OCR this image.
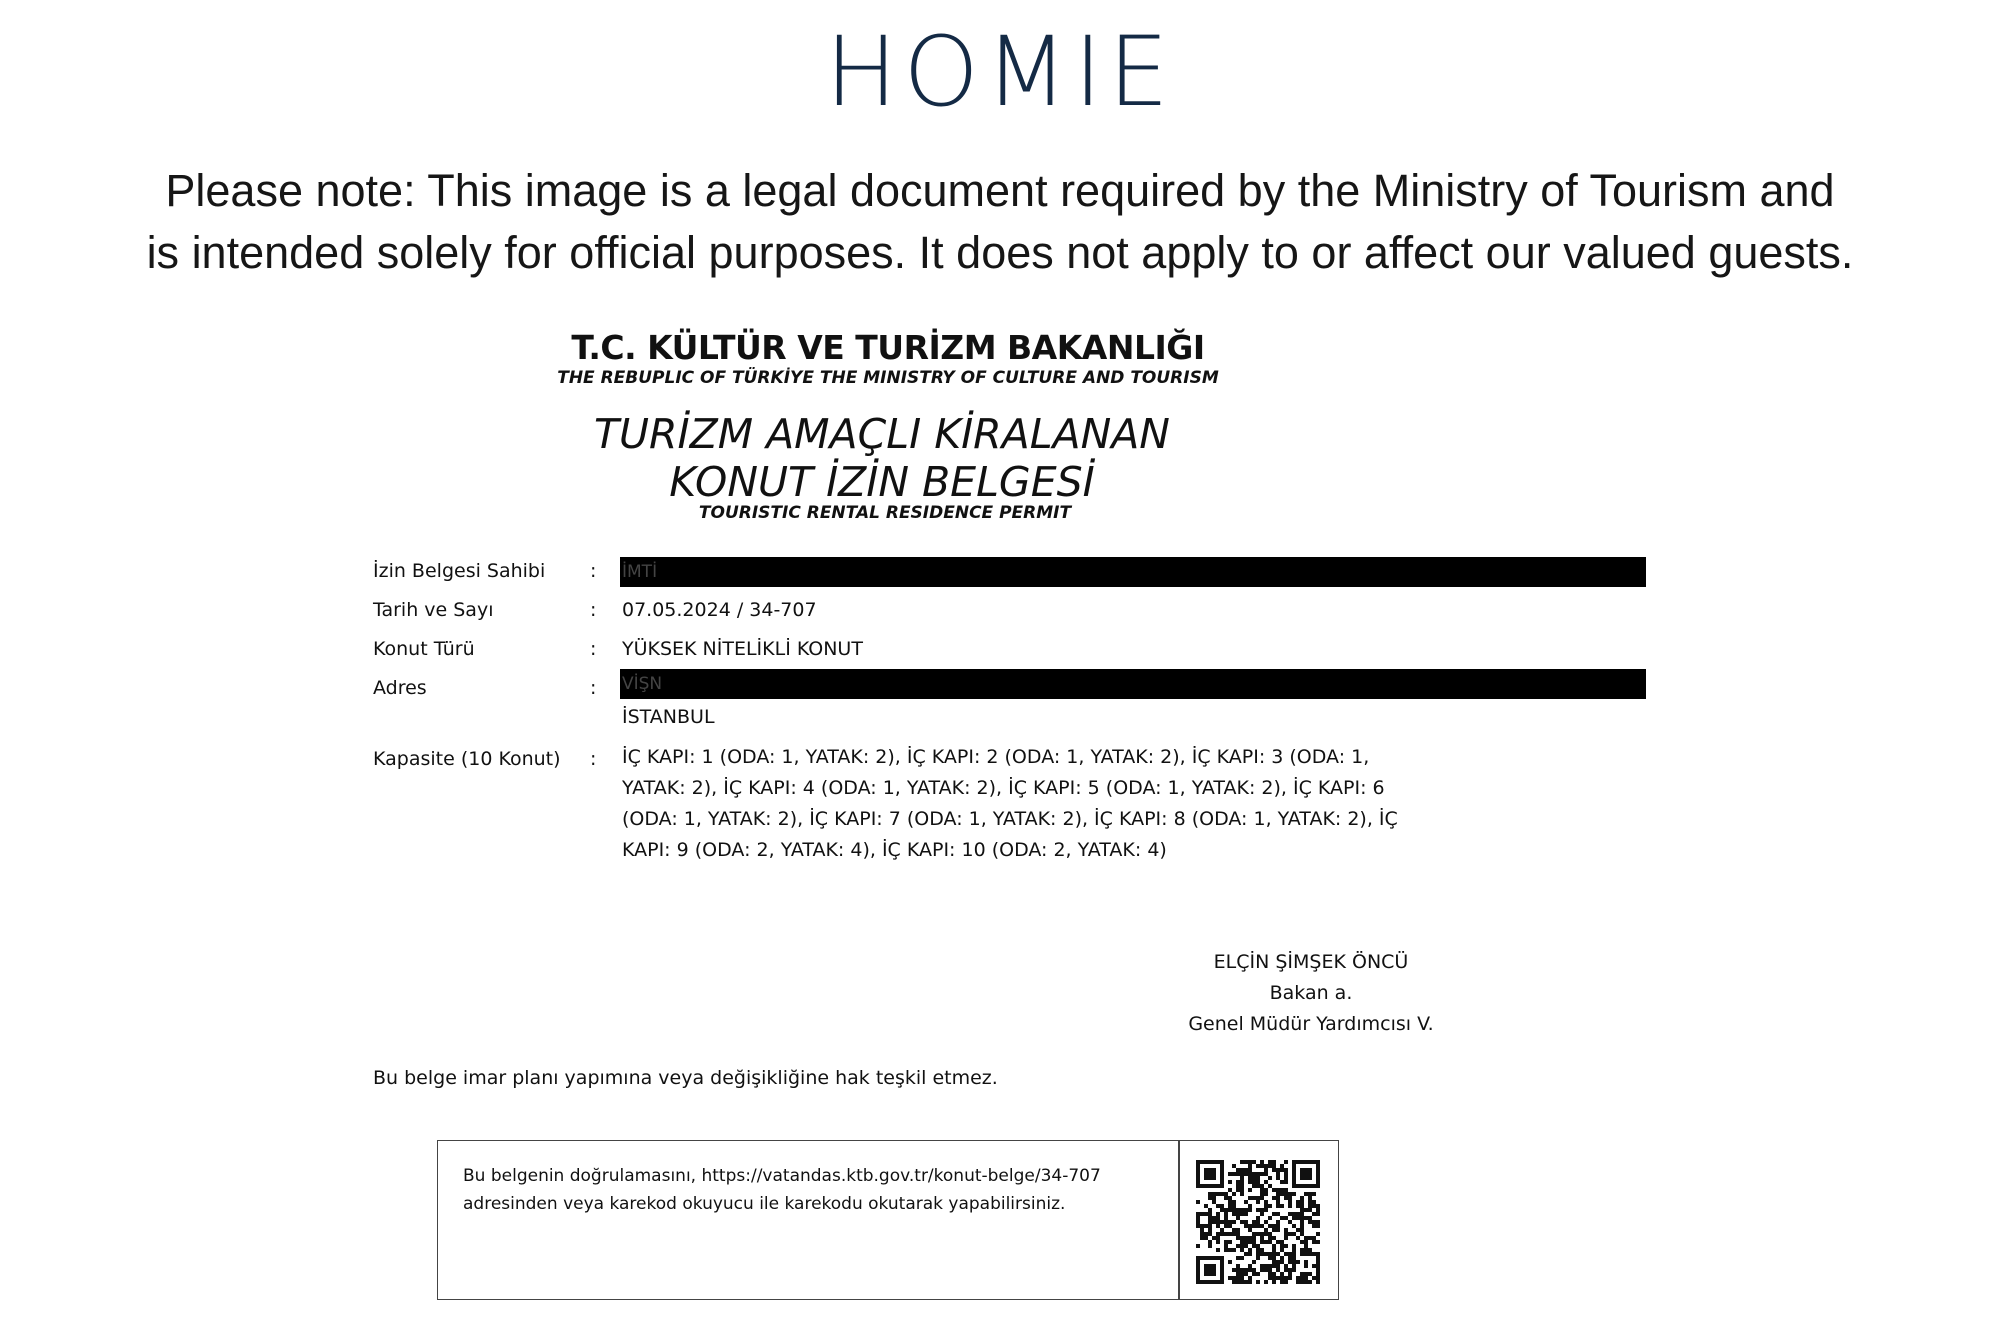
HOMIE
Please note: This image is a legal document required by the Ministry of Tourism and
is intended solely for official purposes. It does not apply to or affect our valued guests.
T.C. KÜLTÜR VE TURİZM BAKANLIĞI
THE REBUPLIC OF TÜRKİYE THE MINISTRY OF CULTURE AND TOURISM
TURİZM AMAÇLI KİRALANAN
KONUT İZİN BELGESİ
TOURISTIC RENTAL RESIDENCE PERMIT
İzin Belgesi Sahibi : İMTİ
Tarih ve Sayı	: 07.05.2024 / 34-707
Konut Türü	: YÜKSEK NİTELİKLİ KONUT
Adres	: VİŞN
İSTANBUL
Kapasite (10 Konut) : İÇ KAPI: 1 (ODA: 1, YATAK: 2), İÇ KAPI: 2 (ODA: 1, YATAK: 2), İÇ KAPI: 3 (ODA: 1,
YATAK: 2), İÇ KAPI: 4 (ODA: 1, YATAK: 2), İÇ KAPI: 5 (ODA: 1, YATAK: 2), İÇ KAPI: 6
(ODA: 1, YATAK: 2), İÇ KAPI: 7 (ODA: 1, YATAK: 2), İÇ KAPI: 8 (ODA: 1, YATAK: 2), İÇ
KAPI: 9 (ODA: 2, YATAK: 4), İÇ KAPI: 10 (ODA: 2, YATAK: 4)
ELÇİN ŞİMŞEK ÖNCÜ
Bakan a.
Genel Müdür Yardımcısı V.
Bu belge imar planı yapımına veya değişikliğine hak teşkil etmez.
Bu belgenin doğrulamasını, https://vatandas.ktb.gov.tr/konut-belge/34-707
adresinden veya karekod okuyucu ile karekodu okutarak yapabilirsiniz.
